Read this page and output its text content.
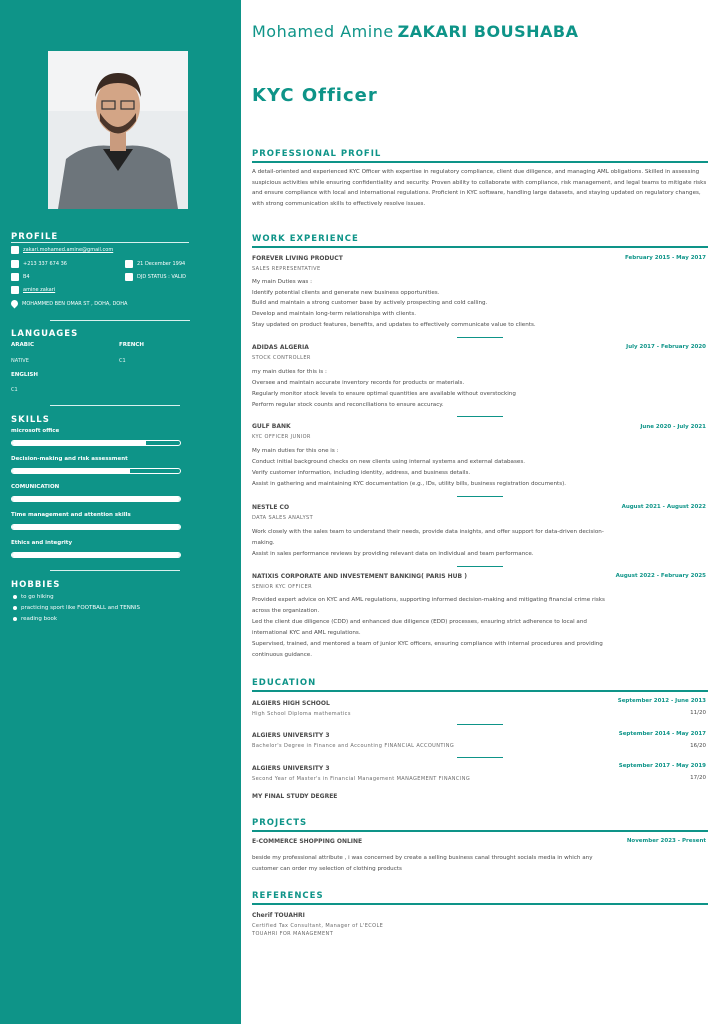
PROFILE
zakari.mohamed.amine@gmail.com
+213 337 674 36	21 December 1994
B4	DJD STATUS : VALID
amine zakari
MOHAMMED BEN OMAR ST , DOHA, DOHA
LANGUAGES
ARABIC
NATIVE
FRENCH
C1
ENGLISH
C1
SKILLS
microsoft office
Decision-making and risk assessment
COMUNICATION
Time management and attention skills
Ethics and integrity
HOBBIES
to go hiking
practicing sport like FOOTBALL and TENNIS
reading book
Mohamed Amine ZAKARI BOUSHABA
KYC Officer
PROFESSIONAL PROFIL
A detail-oriented and experienced KYC Officer with expertise in regulatory compliance, client due diligence, and managing AML obligations. Skilled in assessing suspicious activities while ensuring confidentiality and security. Proven ability to collaborate with compliance, risk management, and legal teams to mitigate risks and ensure compliance with local and international regulations. Proficient in KYC software, handling large datasets, and staying updated on regulatory changes, with strong communication skills to effectively resolve issues.
WORK EXPERIENCE
FOREVER LIVING PRODUCT	February 2015 - May 2017
SALES REPRESENTATIVE
My main Duties was :
Identify potential clients and generate new business opportunities.
Build and maintain a strong customer base by actively prospecting and cold calling.
Develop and maintain long-term relationships with clients.
Stay updated on product features, benefits, and updates to effectively communicate value to clients.
ADIDAS ALGERIA	July 2017 - February 2020
STOCK CONTROLLER
my main duties for this is :
Oversee and maintain accurate inventory records for products or materials.
Regularly monitor stock levels to ensure optimal quantities are available without overstocking
Perform regular stock counts and reconciliations to ensure accuracy.
GULF BANK	June 2020 - July 2021
KYC OFFICER JUNIOR
My main duties for this one is :
Conduct initial background checks on new clients using internal systems and external databases.
Verify customer information, including identity, address, and business details.
Assist in gathering and maintaining KYC documentation (e.g., IDs, utility bills, business registration documents).
NESTLE CO	August 2021 - August 2022
DATA SALES ANALYST
Work closely with the sales team to understand their needs, provide data insights, and offer support for data-driven decision-
making.
Assist in sales performance reviews by providing relevant data on individual and team performance.
NATIXIS CORPORATE AND INVESTEMENT BANKING( PARIS HUB )	August 2022 - February 2025
SENIOR KYC OFFICER
Provided expert advice on KYC and AML regulations, supporting informed decision-making and mitigating financial crime risks
across the organization.
Led the client due diligence (CDD) and enhanced due diligence (EDD) processes, ensuring strict adherence to local and
international KYC and AML regulations.
Supervised, trained, and mentored a team of junior KYC officers, ensuring compliance with internal procedures and providing
continuous guidance.
EDUCATION
ALGIERS HIGH SCHOOL	September 2012 - June 2013
High School Diploma mathematics	11/20
ALGIERS UNIVERSITY 3	September 2014 - May 2017
Bachelor's Degree in Finance and Accounting FINANCIAL ACCOUNTING	16/20
ALGIERS UNIVERSITY 3	September 2017 - May 2019
Second Year of Master's in Financial Management MANAGEMENT FINANCING	17/20
MY FINAL STUDY DEGREE
PROJECTS
E-COMMERCE SHOPPING ONLINE	November 2023 - Present
beside my professional attribute , i was concerned by create a selling business canal throught socials media in which any
customer can order my selection of clothing products
REFERENCES
Cherif TOUAHRI
Certified Tax Consultant, Manager of L'ECOLE
TOUAHRI FOR MANAGEMENT
